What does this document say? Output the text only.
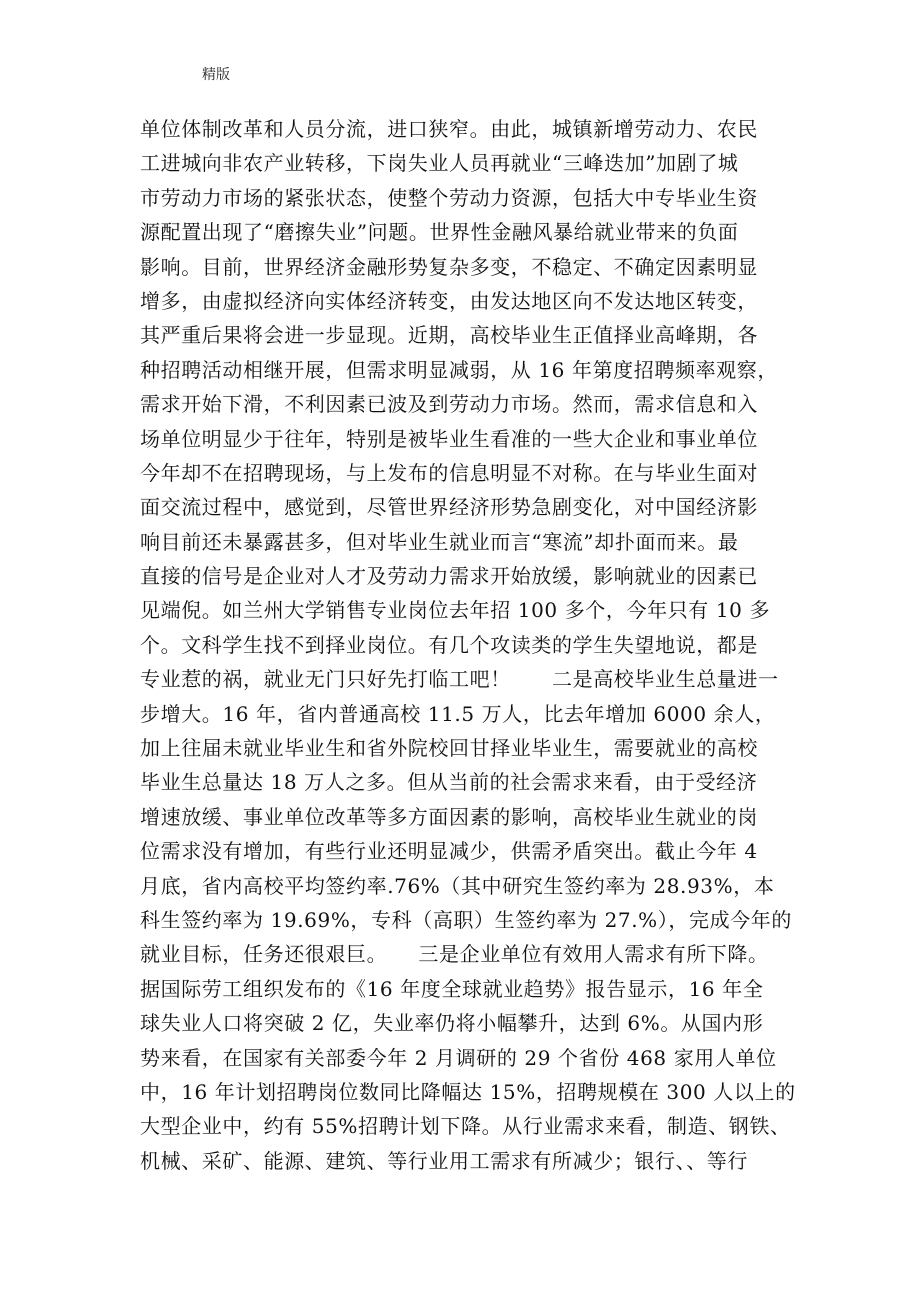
精版
单位体制改革和人员分流，进口狭窄。由此，城镇新增劳动力、农民
工进城向非农产业转移，下岗失业人员再就业“三峰迭加”加剧了城
市劳动力市场的紧张状态，使整个劳动力资源，包括大中专毕业生资
源配置出现了“磨擦失业”问题。世界性金融风暴给就业带来的负面
影响。目前，世界经济金融形势复杂多变，不稳定、不确定因素明显
增多，由虚拟经济向实体经济转变，由发达地区向不发达地区转变，
其严重后果将会进一步显现。近期，高校毕业生正值择业高峰期，各
种招聘活动相继开展，但需求明显减弱，从 16 年第度招聘频率观察，
需求开始下滑，不利因素已波及到劳动力市场。然而，需求信息和入
场单位明显少于往年，特别是被毕业生看准的一些大企业和事业单位
今年却不在招聘现场，与上发布的信息明显不对称。在与毕业生面对
面交流过程中，感觉到，尽管世界经济形势急剧变化，对中国经济影
响目前还未暴露甚多，但对毕业生就业而言“寒流”却扑面而来。最
直接的信号是企业对人才及劳动力需求开始放缓，影响就业的因素已
见端倪。如兰州大学销售专业岗位去年招 100 多个，今年只有 10 多
个。文科学生找不到择业岗位。有几个攻读类的学生失望地说，都是
专业惹的祸，就业无门只好先打临工吧！　　二是高校毕业生总量进一
步增大。16 年，省内普通高校 11.5 万人，比去年增加 6000 余人，
加上往届未就业毕业生和省外院校回甘择业毕业生，需要就业的高校
毕业生总量达 18 万人之多。但从当前的社会需求来看，由于受经济
增速放缓、事业单位改革等多方面因素的影响，高校毕业生就业的岗
位需求没有增加，有些行业还明显减少，供需矛盾突出。截止今年 4
月底，省内高校平均签约率.76%（其中研究生签约率为 28.93%，本
科生签约率为 19.69%，专科（高职）生签约率为 27.%），完成今年的
就业目标，任务还很艰巨。　　三是企业单位有效用人需求有所下降。
据国际劳工组织发布的《16 年度全球就业趋势》报告显示，16 年全
球失业人口将突破 2 亿，失业率仍将小幅攀升，达到 6%。从国内形
势来看，在国家有关部委今年 2 月调研的 29 个省份 468 家用人单位
中，16 年计划招聘岗位数同比降幅达 15%，招聘规模在 300 人以上的
大型企业中，约有 55%招聘计划下降。从行业需求来看，制造、钢铁、
机械、采矿、能源、建筑、等行业用工需求有所减少；银行、、等行
